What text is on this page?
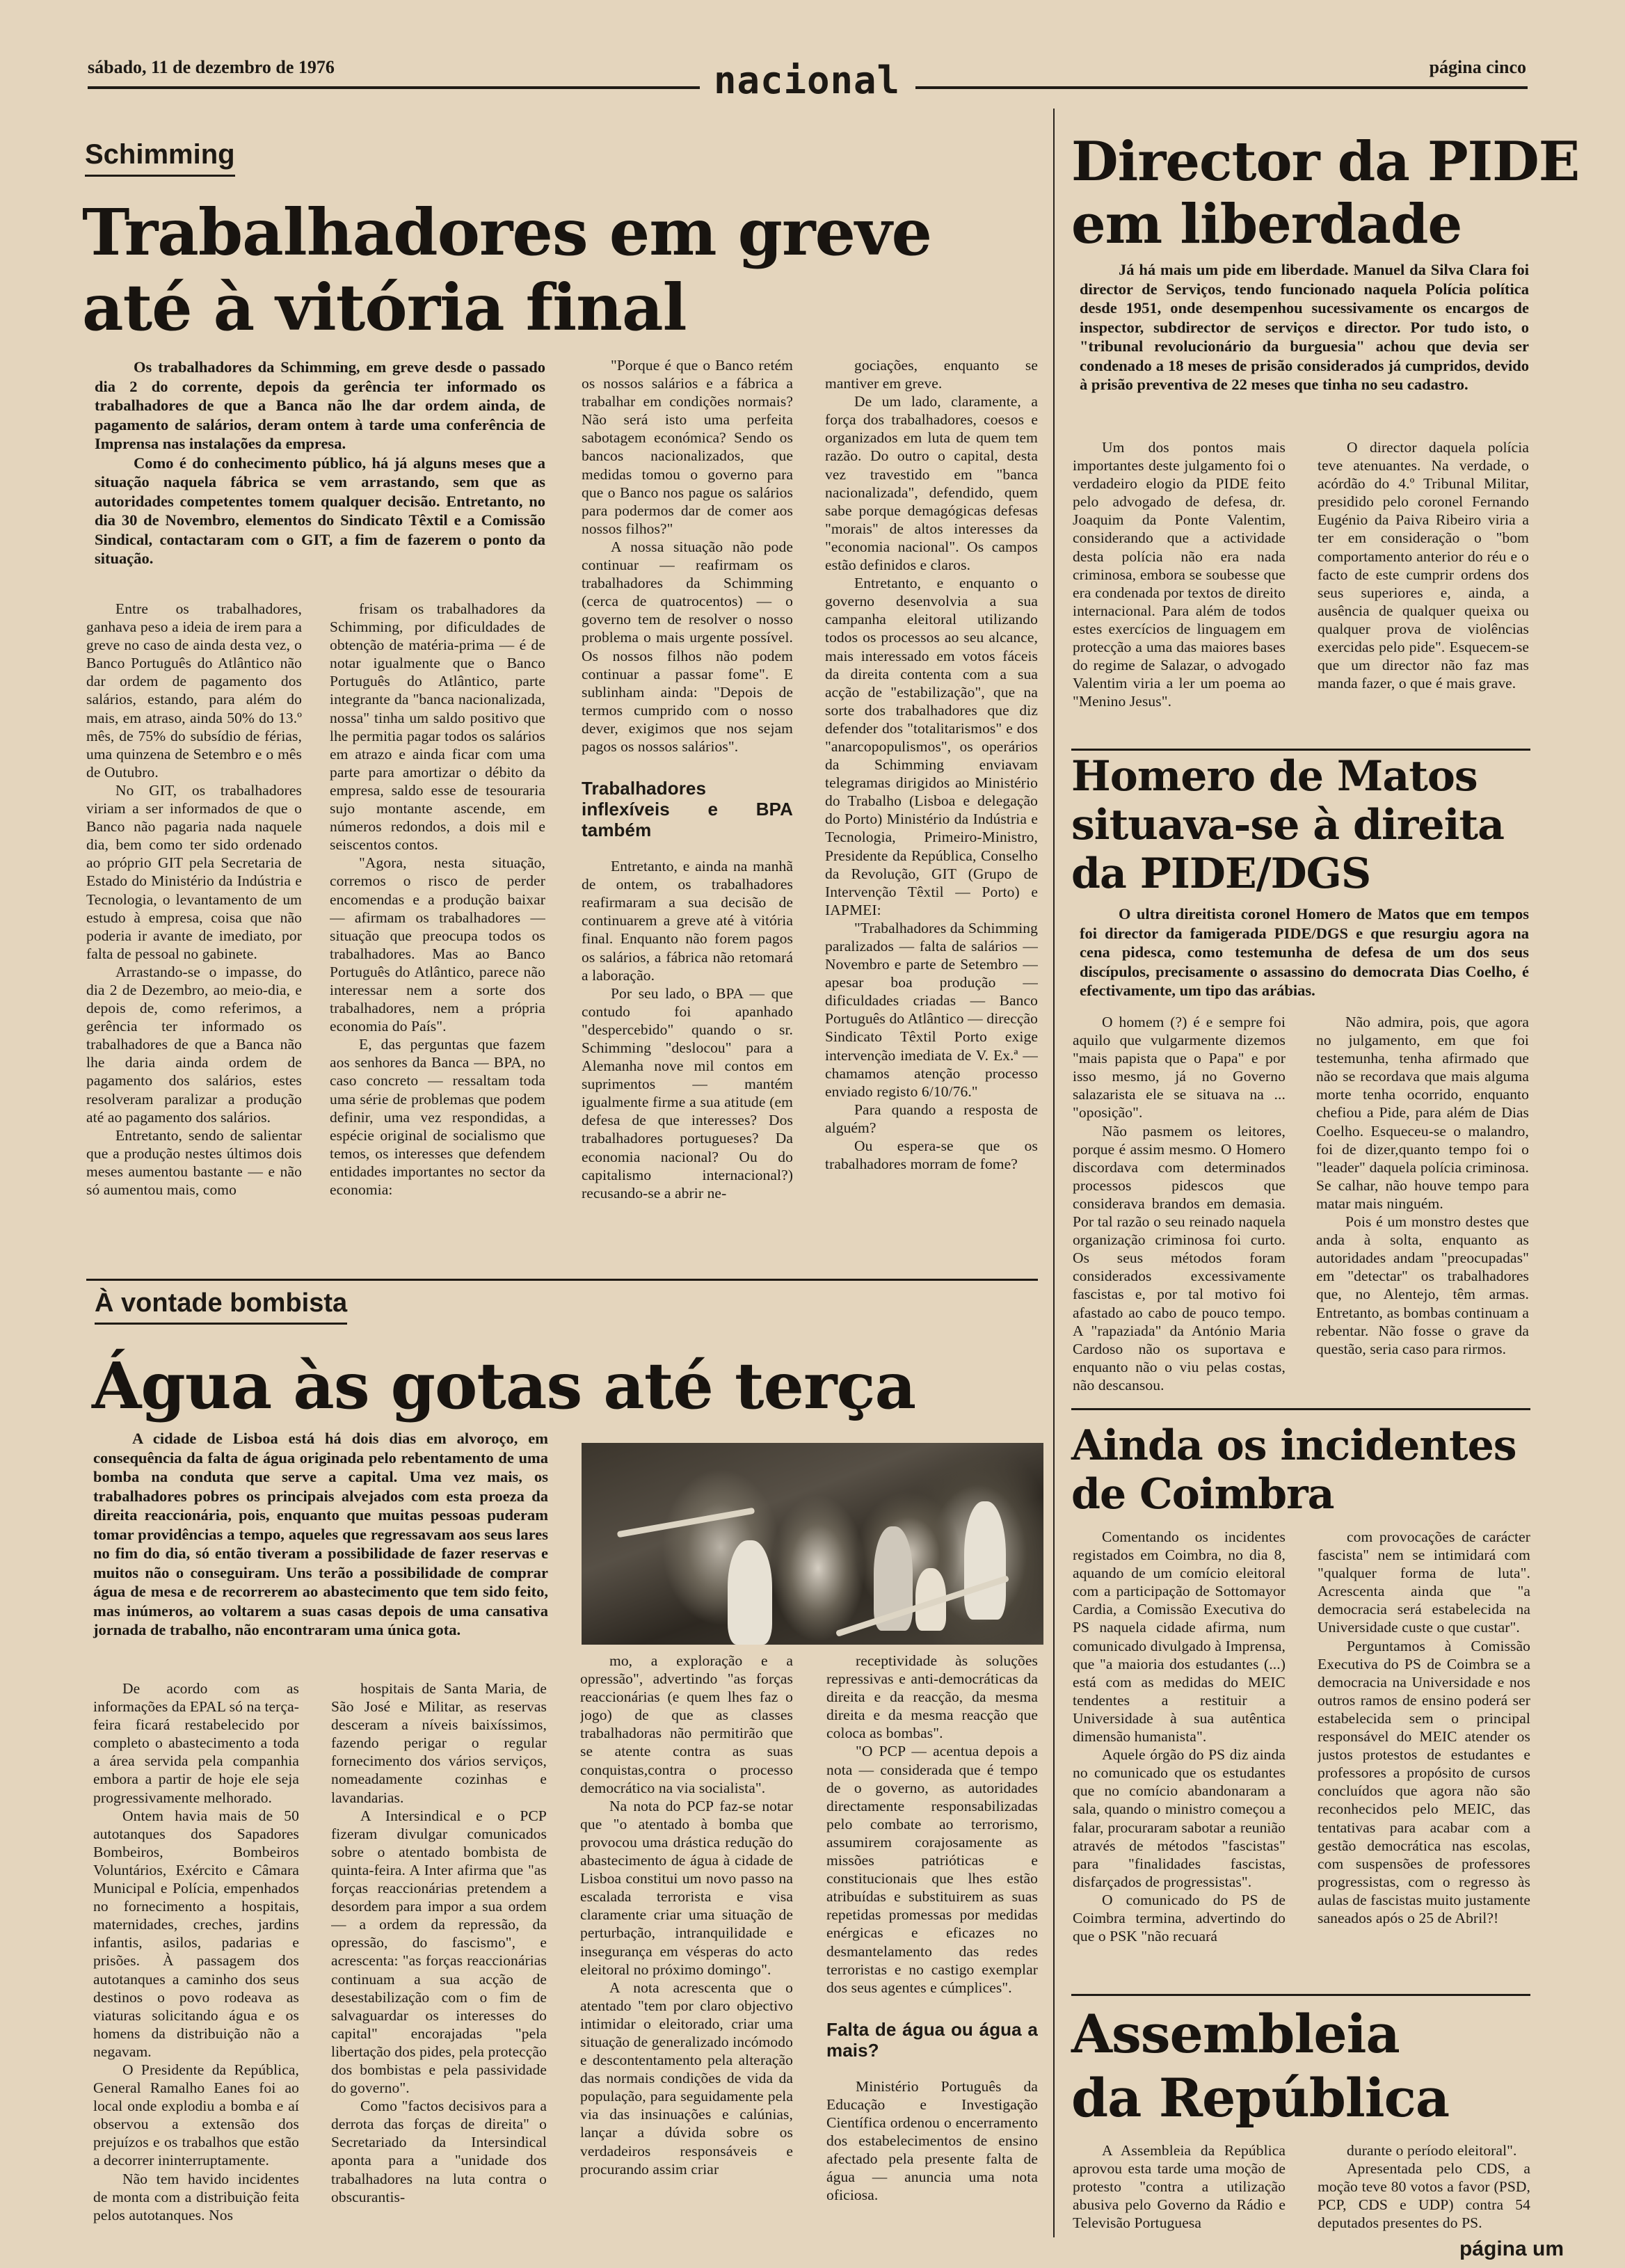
sábado, 11 de dezembro de 1976	nacional	página cinco
Schimming
Trabalhadores em greve
até à vitória final

Os trabalhadores da Schimming, em greve desde o passado dia 2 do corrente, depois da gerência ter informado os trabalhadores de que a Banca não lhe dar ordem ainda, de pagamento de salários, deram ontem à tarde uma conferência de Imprensa nas instalações da empresa.

Como é do conhecimento público, há já alguns meses que a situação naquela fábrica se vem arrastando, sem que as autoridades competentes tomem qualquer decisão. Entretanto, no dia 30 de Novembro, elementos do Sindicato Têxtil e a Comissão Sindical, contactaram com o GIT, a fim de fazerem o ponto da situação.

Entre os trabalhadores, ganhava peso a ideia de irem para a greve no caso de ainda desta vez, o Banco Português do Atlântico não dar ordem de pagamento dos salários, estando, para além do mais, em atraso, ainda 50% do 13.º mês, de 75% do subsídio de férias, uma quinzena de Setembro e o mês de Outubro.

No GIT, os trabalhadores viriam a ser informados de que o Banco não pagaria nada naquele dia, bem como ter sido ordenado ao próprio GIT pela Secretaria de Estado do Ministério da Indústria e Tecnologia, o levantamento de um estudo à empresa, coisa que não poderia ir avante de imediato, por falta de pessoal no gabinete.

Arrastando-se o impasse, do dia 2 de Dezembro, ao meio-dia, e depois de, como referimos, a gerência ter informado os trabalhadores de que a Banca não lhe daria ainda ordem de pagamento dos salários, estes resolveram paralizar a produção até ao pagamento dos salários.

Entretanto, sendo de salientar que a produção nestes últimos dois meses aumentou bastante — e não só aumentou mais, como

frisam os trabalhadores da Schimming, por dificuldades de obtenção de matéria-prima — é de notar igualmente que o Banco Português do Atlântico, parte integrante da "banca nacionalizada, nossa" tinha um saldo positivo que lhe permitia pagar todos os salários em atrazo e ainda ficar com uma parte para amortizar o débito da empresa, saldo esse de tesouraria sujo montante ascende, em números redondos, a dois mil e seiscentos contos.

"Agora, nesta situação, corremos o risco de perder encomendas e a produção baixar — afirmam os trabalhadores — situação que preocupa todos os trabalhadores. Mas ao Banco Português do Atlântico, parece não interessar nem a sorte dos trabalhadores, nem a própria economia do País".

E, das perguntas que fazem aos senhores da Banca — BPA, no caso concreto — ressaltam toda uma série de problemas que podem definir, uma vez respondidas, a espécie original de socialismo que temos, os interesses que defendem entidades importantes no sector da economia:

"Porque é que o Banco retém os nossos salários e a fábrica a trabalhar em condições normais? Não será isto uma perfeita sabotagem económica? Sendo os bancos nacionalizados, que medidas tomou o governo para que o Banco nos pague os salários para podermos dar de comer aos nossos filhos?"

A nossa situação não pode continuar — reafirmam os trabalhadores da Schimming (cerca de quatrocentos) — o governo tem de resolver o nosso problema o mais urgente possível. Os nossos filhos não podem continuar a passar fome". E sublinham ainda: "Depois de termos cumprido com o nosso dever, exigimos que nos sejam pagos os nossos salários".

Trabalhadores inflexíveis e BPA também

Entretanto, e ainda na manhã de ontem, os trabalhadores reafirmaram a sua decisão de continuarem a greve até à vitória final. Enquanto não forem pagos os salários, a fábrica não retomará a laboração.

Por seu lado, o BPA — que contudo foi apanhado "despercebido" quando o sr. Schimming "deslocou" para a Alemanha nove mil contos em suprimentos — mantém igualmente firme a sua atitude (em defesa de que interesses? Dos trabalhadores portugueses? Da economia nacional? Ou do capitalismo internacional?) recusando-se a abrir ne-

gociações, enquanto se mantiver em greve.

De um lado, claramente, a força dos trabalhadores, coesos e organizados em luta de quem tem razão. Do outro o capital, desta vez travestido em "banca nacionalizada", defendido, quem sabe porque demagógicas defesas "morais" de altos interesses da "economia nacional". Os campos estão definidos e claros.

Entretanto, e enquanto o governo desenvolvia a sua campanha eleitoral utilizando todos os processos ao seu alcance, mais interessado em votos fáceis da direita contenta com a sua acção de "estabilização", que na sorte dos trabalhadores que diz defender dos "totalitarismos" e dos "anarcopopulismos", os operários da Schimming enviavam telegramas dirigidos ao Ministério do Trabalho (Lisboa e delegação do Porto) Ministério da Indústria e Tecnologia, Primeiro-Ministro, Presidente da República, Conselho da Revolução, GIT (Grupo de Intervenção Têxtil — Porto) e IAPMEI:

"Trabalhadores da Schimming paralizados — falta de salários — Novembro e parte de Setembro — apesar boa produção — dificuldades criadas — Banco Português do Atlântico — direcção Sindicato Têxtil Porto exige intervenção imediata de V. Ex.ª — chamamos atenção processo enviado registo 6/10/76."

Para quando a resposta de alguém?

Ou espera-se que os trabalhadores morram de fome?

À vontade bombista
Água às gotas até terça

A cidade de Lisboa está há dois dias em alvoroço, em consequência da falta de água originada pelo rebentamento de uma bomba na conduta que serve a capital. Uma vez mais, os trabalhadores pobres os principais alvejados com esta proeza da direita reaccionária, pois, enquanto que muitas pessoas puderam tomar providências a tempo, aqueles que regressavam aos seus lares no fim do dia, só então tiveram a possibilidade de fazer reservas e muitos não o conseguiram. Uns terão a possibilidade de comprar água de mesa e de recorrerem ao abastecimento que tem sido feito, mas inúmeros, ao voltarem a suas casas depois de uma cansativa jornada de trabalho, não encontraram uma única gota.

De acordo com as informações da EPAL só na terça-feira ficará restabelecido por completo o abastecimento a toda a área servida pela companhia embora a partir de hoje ele seja progressivamente melhorado.

Ontem havia mais de 50 autotanques dos Sapadores Bombeiros, Bombeiros Voluntários, Exército e Câmara Municipal e Polícia, empenhados no fornecimento a hospitais, maternidades, creches, jardins infantis, asilos, padarias e prisões. À passagem dos autotanques a caminho dos seus destinos o povo rodeava as viaturas solicitando água e os homens da distribuição não a negavam.

O Presidente da República, General Ramalho Eanes foi ao local onde explodiu a bomba e aí observou a extensão dos prejuízos e os trabalhos que estão a decorrer ininterruptamente.

Não tem havido incidentes de monta com a distribuição feita pelos autotanques. Nos

hospitais de Santa Maria, de São José e Militar, as reservas desceram a níveis baixíssimos, fazendo perigar o regular fornecimento dos vários serviços, nomeadamente cozinhas e lavandarias.

A Intersindical e o PCP fizeram divulgar comunicados sobre o atentado bombista de quinta-feira. A Inter afirma que "as forças reaccionárias pretendem a desordem para impor a sua ordem — a ordem da repressão, da opressão, do fascismo", e acrescenta: "as forças reaccionárias continuam a sua acção de desestabilização com o fim de salvaguardar os interesses do capital" encorajadas "pela libertação dos pides, pela protecção dos bombistas e pela passividade do governo".

Como "factos decisivos para a derrota das forças de direita" o Secretariado da Intersindical aponta para a "unidade dos trabalhadores na luta contra o obscurantis-

mo, a exploração e a opressão", advertindo "as forças reaccionárias (e quem lhes faz o jogo) de que as classes trabalhadoras não permitirão que se atente contra as suas conquistas,contra o processo democrático na via socialista".

Na nota do PCP faz-se notar que "o atentado à bomba que provocou uma drástica redução do abastecimento de água à cidade de Lisboa constitui um novo passo na escalada terrorista e visa claramente criar uma situação de perturbação, intranquilidade e insegurança em vésperas do acto eleitoral no próximo domingo".

A nota acrescenta que o atentado "tem por claro objectivo intimidar o eleitorado, criar uma situação de generalizado incómodo e descontentamento pela alteração das normais condições de vida da população, para seguidamente pela via das insinuações e calúnias, lançar a dúvida sobre os verdadeiros responsáveis e procurando assim criar

receptividade às soluções repressivas e anti-democráticas da direita e da reacção, da mesma direita e da mesma reacção que coloca as bombas".

"O PCP — acentua depois a nota — considerada que é tempo de o governo, as autoridades directamente responsabilizadas pelo combate ao terrorismo, assumirem corajosamente as missões patrióticas e constitucionais que lhes estão atribuídas e substituirem as suas repetidas promessas por medidas enérgicas e eficazes no desmantelamento das redes terroristas e no castigo exemplar dos seus agentes e cúmplices".

Falta de água ou água a mais?

Ministério Português da Educação e Investigação Científica ordenou o encerramento dos estabelecimentos de ensino afectado pela presente falta de água — anuncia uma nota oficiosa.

Director da PIDE
em liberdade

Já há mais um pide em liberdade. Manuel da Silva Clara foi director de Serviços, tendo funcionado naquela Polícia política desde 1951, onde desempenhou sucessivamente os encargos de inspector, subdirector de serviços e director. Por tudo isto, o "tribunal revolucionário da burguesia" achou que devia ser condenado a 18 meses de prisão considerados já cumpridos, devido à prisão preventiva de 22 meses que tinha no seu cadastro.

Um dos pontos mais importantes deste julgamento foi o verdadeiro elogio da PIDE feito pelo advogado de defesa, dr. Joaquim da Ponte Valentim, considerando que a actividade desta polícia não era nada criminosa, embora se soubesse que era condenada por textos de direito internacional. Para além de todos estes exercícios de linguagem em protecção a uma das maiores bases do regime de Salazar, o advogado Valentim viria a ler um poema ao "Menino Jesus".

O director daquela polícia teve atenuantes. Na verdade, o acórdão do 4.º Tribunal Militar, presidido pelo coronel Fernando Eugénio da Paiva Ribeiro viria a ter em consideração o "bom comportamento anterior do réu e o facto de este cumprir ordens dos seus superiores e, ainda, a ausência de qualquer queixa ou qualquer prova de violências exercidas pelo pide". Esquecem-se que um director não faz mas manda fazer, o que é mais grave.

Homero de Matos
situava-se à direita
da PIDE/DGS

O ultra direitista coronel Homero de Matos que em tempos foi director da famigerada PIDE/DGS e que resurgiu agora na cena pidesca, como testemunha de defesa de um dos seus discípulos, precisamente o assassino do democrata Dias Coelho, é efectivamente, um tipo das arábias.

O homem (?) é e sempre foi aquilo que vulgarmente dizemos "mais papista que o Papa" e por isso mesmo, já no Governo salazarista ele se situava na ... "oposição".

Não pasmem os leitores, porque é assim mesmo. O Homero discordava com determinados processos pidescos que considerava brandos em demasia. Por tal razão o seu reinado naquela organização criminosa foi curto. Os seus métodos foram considerados excessivamente fascistas e, por tal motivo foi afastado ao cabo de pouco tempo. A "rapaziada" da António Maria Cardoso não os suportava e enquanto não o viu pelas costas, não descansou.

Não admira, pois, que agora no julgamento, em que foi testemunha, tenha afirmado que não se recordava que mais alguma morte tenha ocorrido, enquanto chefiou a Pide, para além de Dias Coelho. Esqueceu-se o malandro, foi de dizer,quanto tempo foi o "leader" daquela polícia criminosa. Se calhar, não houve tempo para matar mais ninguém.

Pois é um monstro destes que anda à solta, enquanto as autoridades andam "preocupadas" em "detectar" os trabalhadores que, no Alentejo, têm armas. Entretanto, as bombas continuam a rebentar. Não fosse o grave da questão, seria caso para rirmos.

Ainda os incidentes
de Coimbra

Comentando os incidentes registados em Coimbra, no dia 8, aquando de um comício eleitoral com a participação de Sottomayor Cardia, a Comissão Executiva do PS naquela cidade afirma, num comunicado divulgado à Imprensa, que "a maioria dos estudantes (...) está com as medidas do MEIC tendentes a restituir a Universidade à sua autêntica dimensão humanista".

Aquele órgão do PS diz ainda no comunicado que os estudantes que no comício abandonaram a sala, quando o ministro começou a falar, procuraram sabotar a reunião através de métodos "fascistas" para "finalidades fascistas, disfarçados de progressistas".

O comunicado do PS de Coimbra termina, advertindo do que o PSK "não recuará

com provocações de carácter fascista" nem se intimidará com "qualquer forma de luta". Acrescenta ainda que "a democracia será estabelecida na Universidade custe o que custar".

Perguntamos à Comissão Executiva do PS de Coimbra se a democracia na Universidade e nos outros ramos de ensino poderá ser estabelecida sem o principal responsável do MEIC atender os justos protestos de estudantes e professores a propósito de cursos concluídos que agora não são reconhecidos pelo MEIC, das tentativas para acabar com a gestão democrática nas escolas, com suspensões de professores progressistas, com o regresso às aulas de fascistas muito justamente saneados após o 25 de Abril?!

Assembleia
da República

A Assembleia da República aprovou esta tarde uma moção de protesto "contra a utilização abusiva pelo Governo da Rádio e Televisão Portuguesa

durante o período eleitoral".

Apresentada pelo CDS, a moção teve 80 votos a favor (PSD, PCP, CDS e UDP) contra 54 deputados presentes do PS.

página um
